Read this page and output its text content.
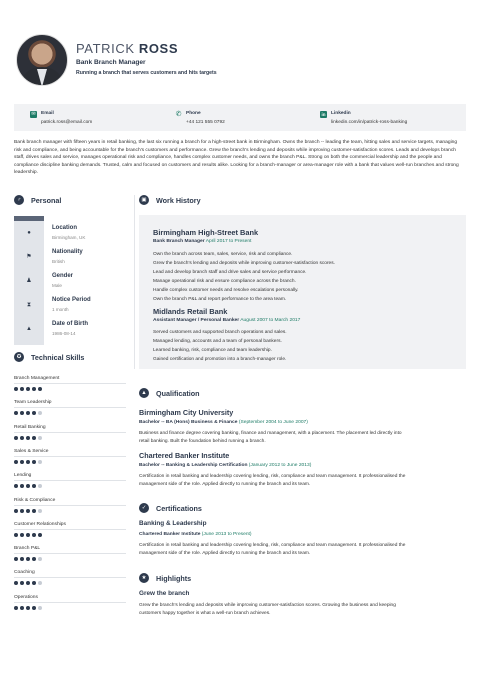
PATRICK ROSS
Bank Branch Manager
Running a branch that serves customers and hits targets
✉ Email
patrick.ross@email.com
✆ Phone
+44 121 555 0792
in	Linkedin
linkedin.com/in/patrick-ross-banking

Bank branch manager with fifteen years in retail banking, the last six running a branch for a high-street bank in Birmingham. Owns the branch -- leading the team, hitting sales and service targets, managing risk and compliance, and being accountable for the branch's customers and performance. Grew the branch's lending and deposits while improving customer-satisfaction scores. Leads and develops branch staff, drives sales and service, manages operational risk and compliance, handles complex customer needs, and owns the branch P&L. Strong on both the commercial leadership and the people and compliance discipline banking demands. Trusted, calm and focused on customers and results alike. Looking for a branch-manager or area-manager role with a bank that values well-run branches and strong leadership.

♂	Personal
●
Location
Birmingham, UK
⚑
Nationality
British
♟
Gender
Male
⧗
Notice Period
1 month
▲
Date of Birth
1986-08-14
✪	Technical Skills
Branch Management
Team Leadership
Retail Banking
Sales & Service
Lending
Risk & Compliance
Customer Relationships
Branch P&L
Coaching
Operations
▣	Work History
Birmingham High-Street Bank
Bank Branch Manager April 2017 to Present
Own the branch across team, sales, service, risk and compliance.
Grew the branch's lending and deposits while improving customer-satisfaction scores.
Lead and develop branch staff and drive sales and service performance.
Manage operational risk and ensure compliance across the branch.
Handle complex customer needs and resolve escalations personally.
Own the branch P&L and report performance to the area team.
Midlands Retail Bank
Assistant Manager / Personal Banker August 2007 to March 2017
Served customers and supported branch operations and sales.
Managed lending, accounts and a team of personal bankers.
Learned banking, risk, compliance and team leadership.
Gained certification and promotion into a branch-manager role.
▲	Qualification
Birmingham City University
Bachelor -- BA (Hons) Business & Finance (September 2004 to June 2007)
Business and finance degree covering banking, finance and management, with a placement. The placement led directly into
retail banking. Built the foundation behind running a branch.
Chartered Banker Institute
Bachelor -- Banking & Leadership Certification (January 2012 to June 2013)
Certification in retail banking and leadership covering lending, risk, compliance and team management. It professionalised the
management side of the role. Applied directly to running the branch and its team.
✓	Certifications
Banking & Leadership
Chartered Banker Institute (June 2013 to Present)
Certification in retail banking and leadership covering lending, risk, compliance and team management. It professionalised the
management side of the role. Applied directly to running the branch and its team.
★	Highlights
Grew the branch
Grew the branch's lending and deposits while improving customer-satisfaction scores. Growing the business and keeping
customers happy together is what a well-run branch achieves.
